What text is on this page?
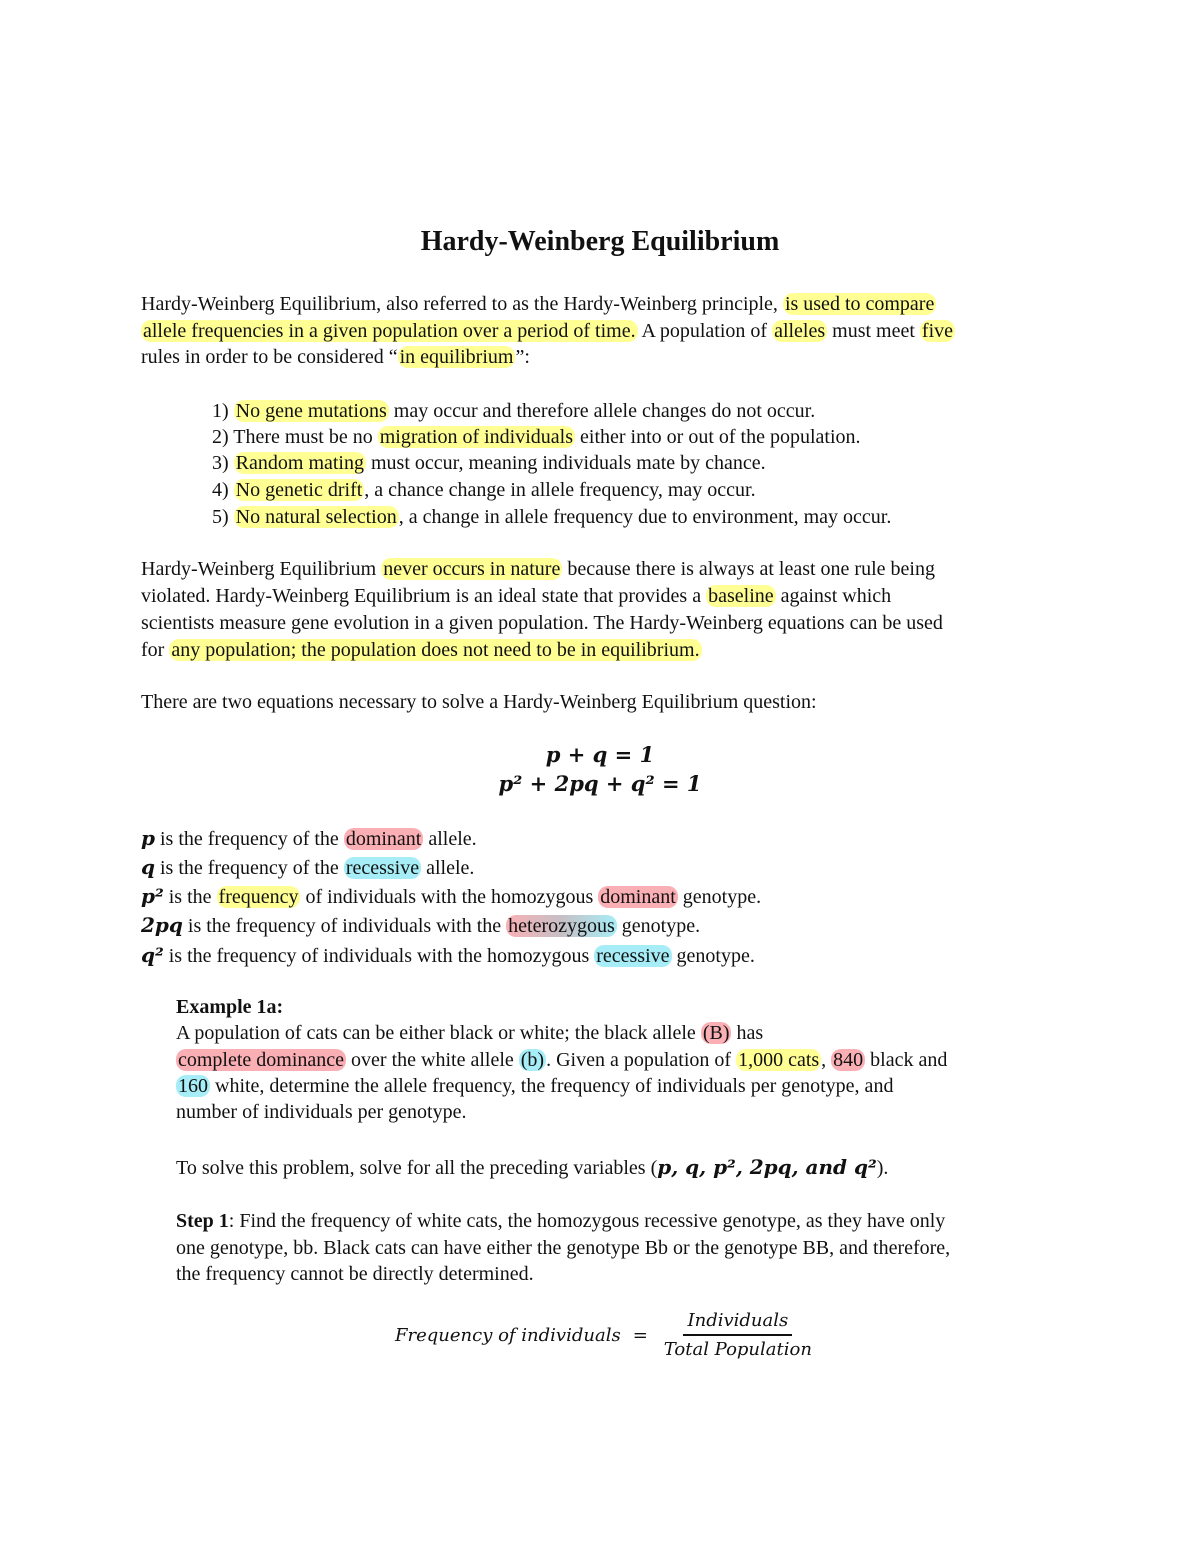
Hardy-Weinberg Equilibrium
Hardy-Weinberg Equilibrium, also referred to as the Hardy-Weinberg principle, is used to compare
allele frequencies in a given population over a period of time. A population of alleles must meet five
rules in order to be considered “ in equilibrium ”:
1) No gene mutations may occur and therefore allele changes do not occur.
2) There must be no migration of individuals either into or out of the population.
3) Random mating must occur, meaning individuals mate by chance.
4) No genetic drift , a chance change in allele frequency, may occur.
5) No natural selection , a change in allele frequency due to environment, may occur.
Hardy-Weinberg Equilibrium never occurs in nature because there is always at least one rule being
violated. Hardy-Weinberg Equilibrium is an ideal state that provides a baseline against which
scientists measure gene evolution in a given population. The Hardy-Weinberg equations can be used
for any population; the population does not need to be in equilibrium.
There are two equations necessary to solve a Hardy-Weinberg Equilibrium question:
p + q = 1
p² + 2pq + q² = 1
p is the frequency of the dominant allele.
q is the frequency of the recessive allele.
p² is the frequency of individuals with the homozygous dominant genotype.
2pq is the frequency of individuals with the heterozygous genotype.
q² is the frequency of individuals with the homozygous recessive genotype.
Example 1a:
A population of cats can be either black or white; the black allele (B) has
complete dominance over the white allele (b) . Given a population of 1,000 cats , 840 black and
160 white, determine the allele frequency, the frequency of individuals per genotype, and
number of individuals per genotype.
To solve this problem, solve for all the preceding variables (p, q, p², 2pq, and q²).
Step 1: Find the frequency of white cats, the homozygous recessive genotype, as they have only
one genotype, bb. Black cats can have either the genotype Bb or the genotype BB, and therefore,
the frequency cannot be directly determined.
Frequency of individuals = $\frac{\text{Individuals}}{\text{Total Population}}$
